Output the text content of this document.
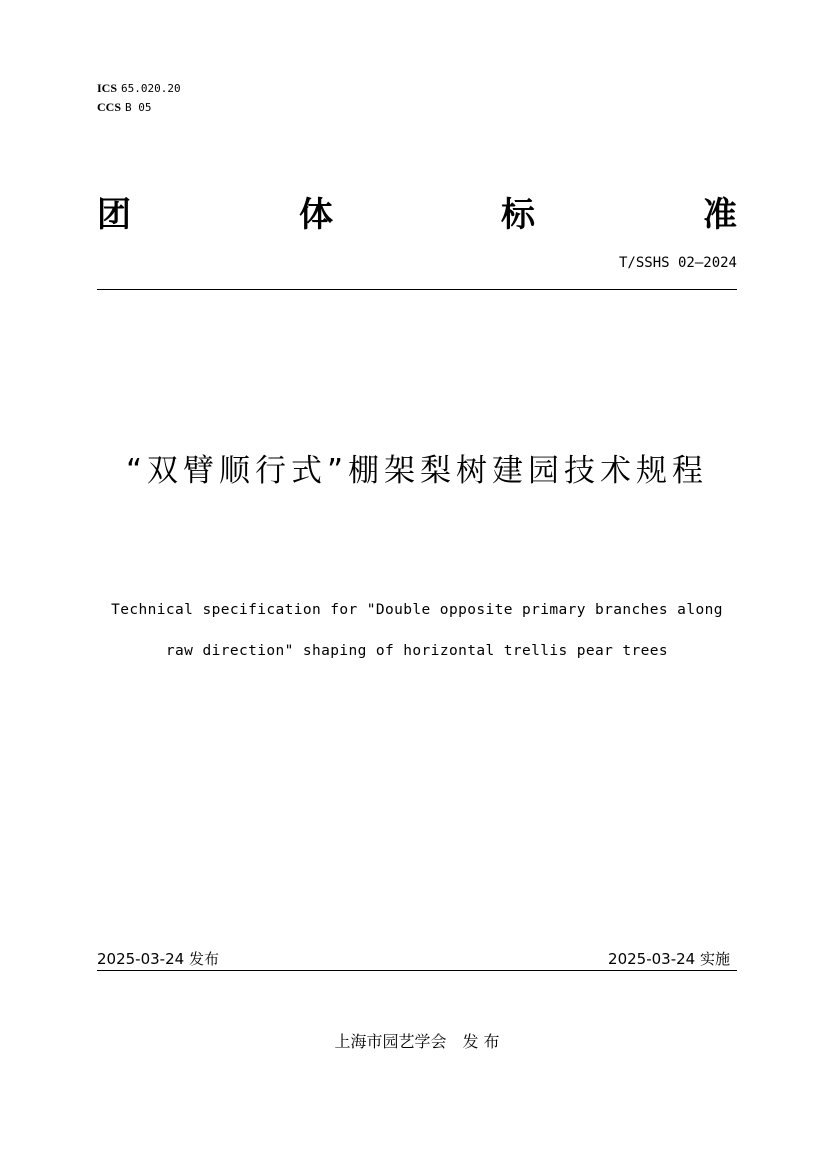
ICS 65.020.20
CCS B 05
团	体	标	准
T/SSHS 02—2024
“双臂顺行式”棚架梨树建园技术规程
Technical specification for "Double opposite primary branches along raw direction" shaping of horizontal trellis pear trees
2025-03-24 发布	2025-03-24 实施
上海市园艺学会　发 布
